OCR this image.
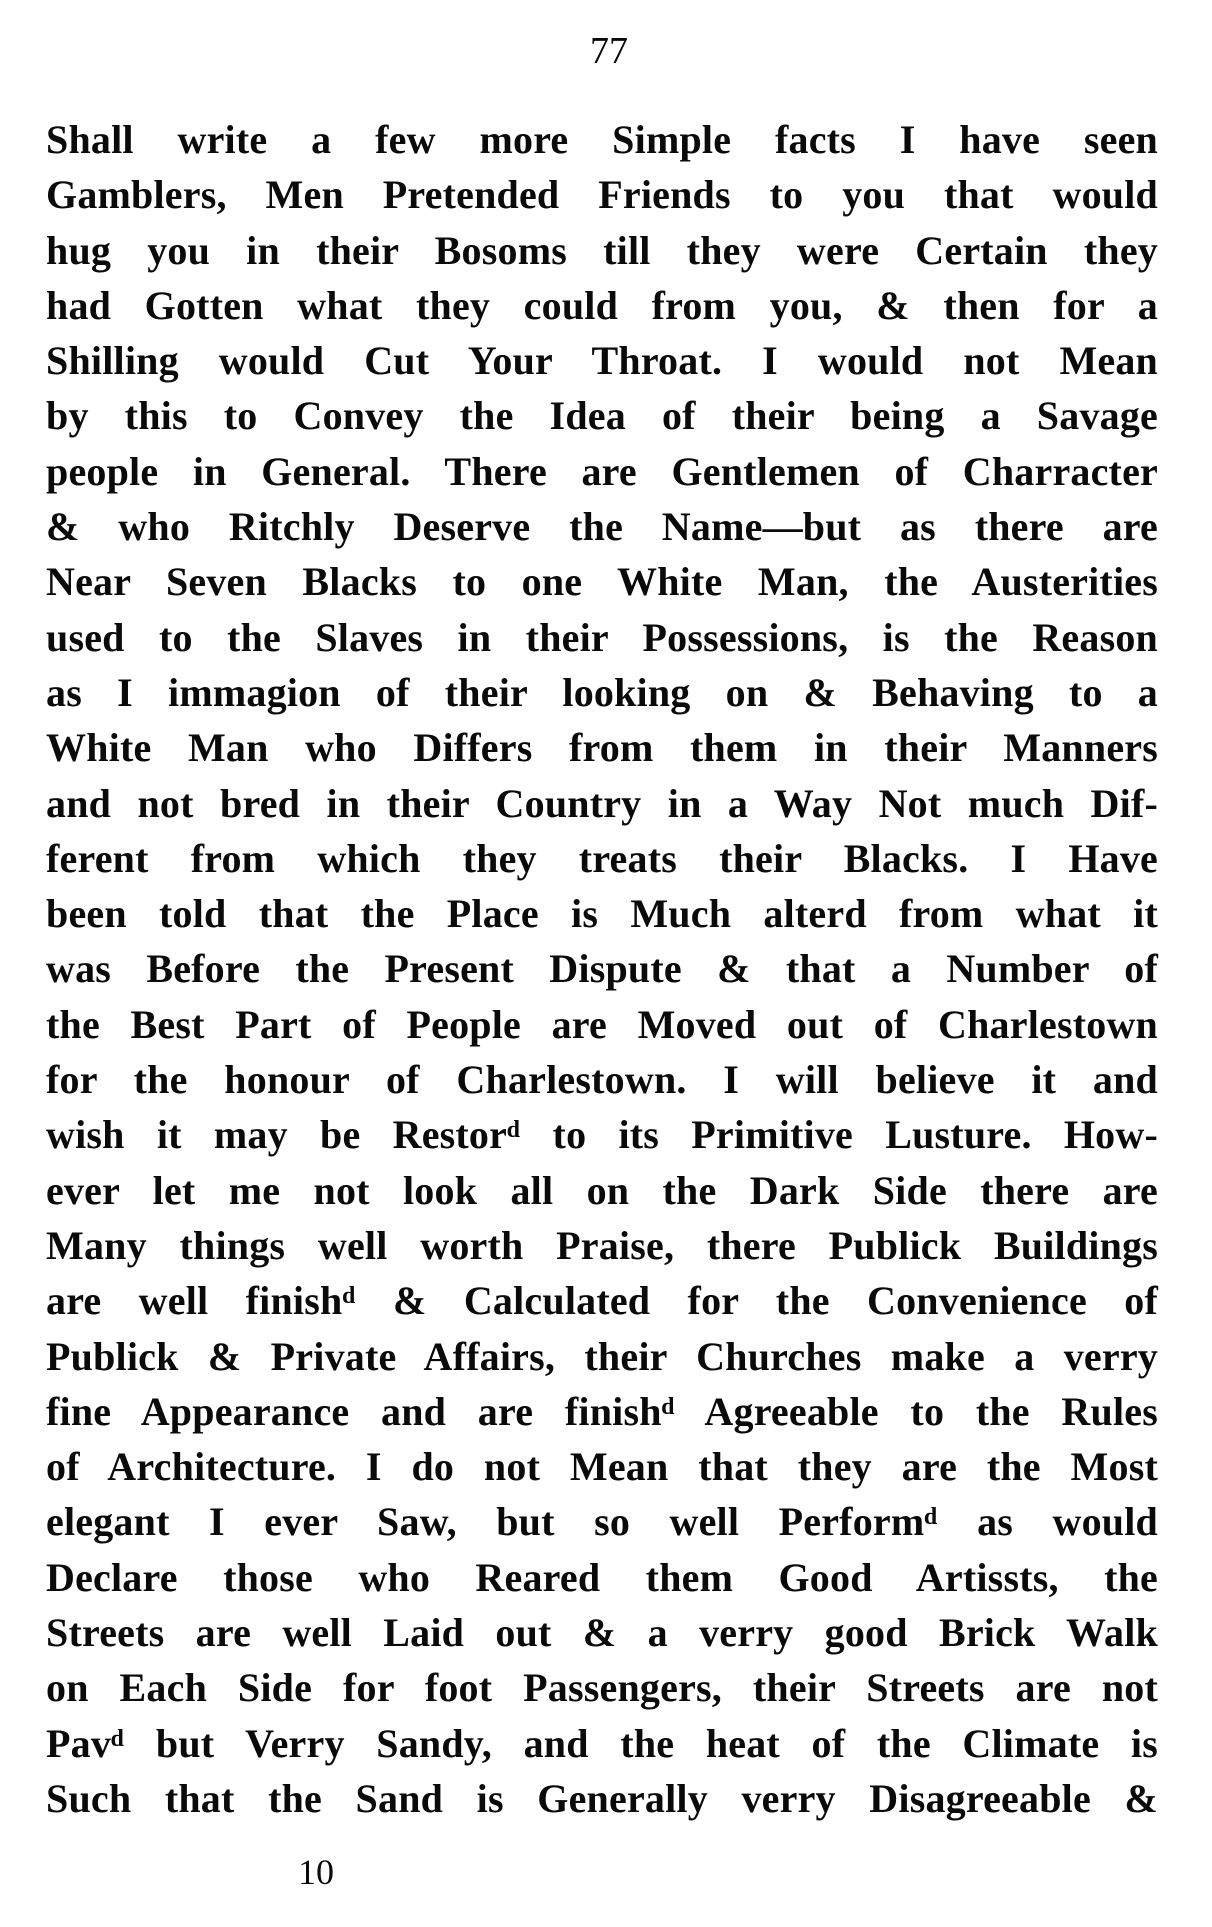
77
Shall write a few more Simple facts I have seen
Gamblers, Men Pretended Friends to you that would
hug you in their Bosoms till they were Certain they
had Gotten what they could from you, & then for a
Shilling would Cut Your Throat. I would not Mean
by this to Convey the Idea of their being a Savage
people in General. There are Gentlemen of Charracter
& who Ritchly Deserve the Name—but as there are
Near Seven Blacks to one White Man, the Austerities
used to the Slaves in their Possessions, is the Reason
as I immagion of their looking on & Behaving to a
White Man who Differs from them in their Manners
and not bred in their Country in a Way Not much Dif-
ferent from which they treats their Blacks. I Have
been told that the Place is Much alterd from what it
was Before the Present Dispute & that a Number of
the Best Part of People are Moved out of Charlestown
for the honour of Charlestown. I will believe it and
wish it may be Restorᵈ to its Primitive Lusture. How-
ever let me not look all on the Dark Side there are
Many things well worth Praise, there Publick Buildings
are well finishᵈ & Calculated for the Convenience of
Publick & Private Affairs, their Churches make a verry
fine Appearance and are finishᵈ Agreeable to the Rules
of Architecture. I do not Mean that they are the Most
elegant I ever Saw, but so well Performᵈ as would
Declare those who Reared them Good Artissts, the
Streets are well Laid out & a verry good Brick Walk
on Each Side for foot Passengers, their Streets are not
Pavᵈ but Verry Sandy, and the heat of the Climate is
Such that the Sand is Generally verry Disagreeable &
10
